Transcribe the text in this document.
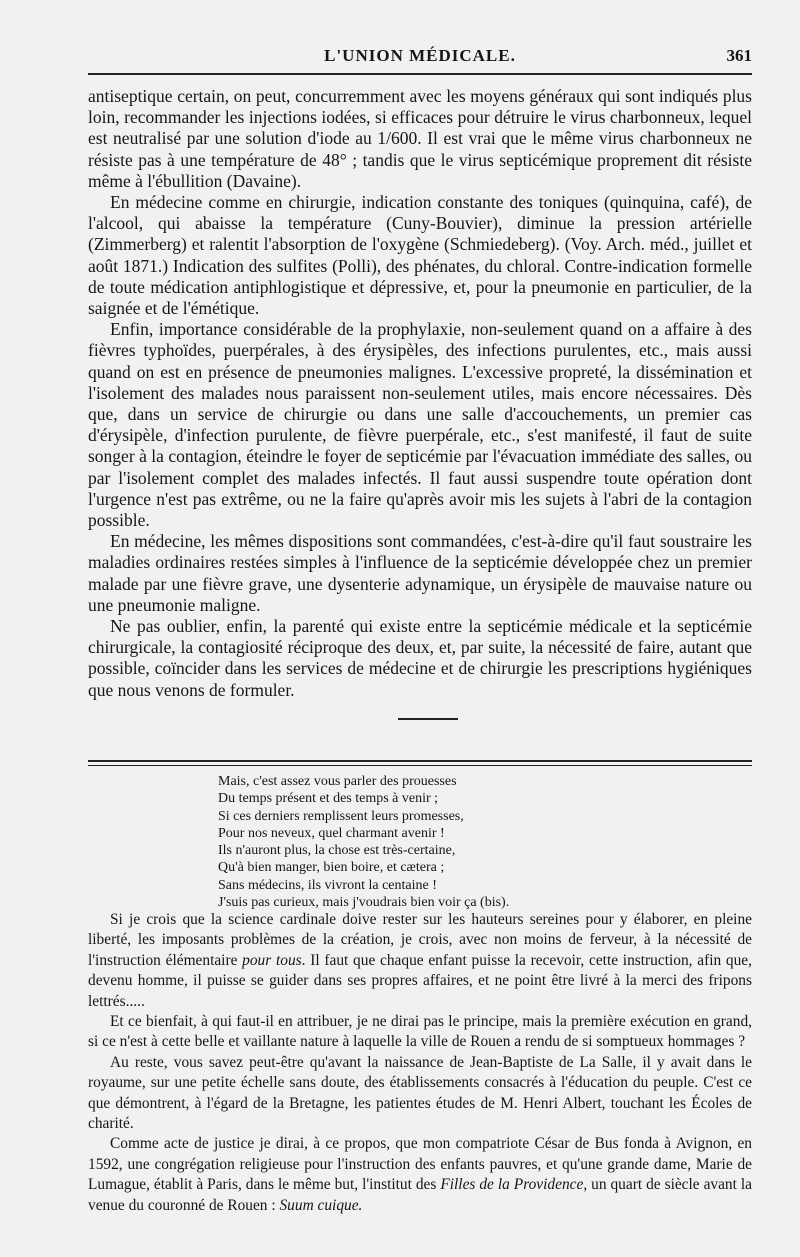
L'UNION MÉDICALE.	361

antiseptique certain, on peut, concurremment avec les moyens généraux qui sont indiqués plus loin, recommander les injections iodées, si efficaces pour détruire le virus charbonneux, lequel est neutralisé par une solution d'iode au 1/600. Il est vrai que le même virus charbonneux ne résiste pas à une température de 48° ; tandis que le virus septicémique proprement dit résiste même à l'ébullition (Davaine).

En médecine comme en chirurgie, indication constante des toniques (quinquina, café), de l'alcool, qui abaisse la température (Cuny-Bouvier), diminue la pression artérielle (Zimmerberg) et ralentit l'absorption de l'oxygène (Schmiedeberg). (Voy. Arch. méd., juillet et août 1871.) Indication des sulfites (Polli), des phénates, du chloral. Contre-indication formelle de toute médication antiphlogistique et dépressive, et, pour la pneumonie en particulier, de la saignée et de l'émétique.

Enfin, importance considérable de la prophylaxie, non-seulement quand on a affaire à des fièvres typhoïdes, puerpérales, à des érysipèles, des infections purulentes, etc., mais aussi quand on est en présence de pneumonies malignes. L'excessive propreté, la dissémination et l'isolement des malades nous paraissent non-seulement utiles, mais encore nécessaires. Dès que, dans un service de chirurgie ou dans une salle d'accouchements, un premier cas d'érysipèle, d'infection purulente, de fièvre puerpérale, etc., s'est manifesté, il faut de suite songer à la contagion, éteindre le foyer de septicémie par l'évacuation immédiate des salles, ou par l'isolement complet des malades infectés. Il faut aussi suspendre toute opération dont l'urgence n'est pas extrême, ou ne la faire qu'après avoir mis les sujets à l'abri de la contagion possible.

En médecine, les mêmes dispositions sont commandées, c'est-à-dire qu'il faut soustraire les maladies ordinaires restées simples à l'influence de la septicémie développée chez un premier malade par une fièvre grave, une dysenterie adynamique, un érysipèle de mauvaise nature ou une pneumonie maligne.

Ne pas oublier, enfin, la parenté qui existe entre la septicémie médicale et la septicémie chirurgicale, la contagiosité réciproque des deux, et, par suite, la nécessité de faire, autant que possible, coïncider dans les services de médecine et de chirurgie les prescriptions hygiéniques que nous venons de formuler.

Mais, c'est assez vous parler des prouesses
Du temps présent et des temps à venir ;
Si ces derniers remplissent leurs promesses,
Pour nos neveux, quel charmant avenir !
Ils n'auront plus, la chose est très-certaine,
Qu'à bien manger, bien boire, et cætera ;
Sans médecins, ils vivront la centaine !
J'suis pas curieux, mais j'voudrais bien voir ça (bis).

Si je crois que la science cardinale doive rester sur les hauteurs sereines pour y élaborer, en pleine liberté, les imposants problèmes de la création, je crois, avec non moins de ferveur, à la nécessité de l'instruction élémentaire pour tous. Il faut que chaque enfant puisse la recevoir, cette instruction, afin que, devenu homme, il puisse se guider dans ses propres affaires, et ne point être livré à la merci des fripons lettrés.....

Et ce bienfait, à qui faut-il en attribuer, je ne dirai pas le principe, mais la première exécution en grand, si ce n'est à cette belle et vaillante nature à laquelle la ville de Rouen a rendu de si somptueux hommages ?

Au reste, vous savez peut-être qu'avant la naissance de Jean-Baptiste de La Salle, il y avait dans le royaume, sur une petite échelle sans doute, des établissements consacrés à l'éducation du peuple. C'est ce que démontrent, à l'égard de la Bretagne, les patientes études de M. Henri Albert, touchant les Écoles de charité.

Comme acte de justice je dirai, à ce propos, que mon compatriote César de Bus fonda à Avignon, en 1592, une congrégation religieuse pour l'instruction des enfants pauvres, et qu'une grande dame, Marie de Lumague, établit à Paris, dans le même but, l'institut des Filles de la Providence, un quart de siècle avant la venue du couronné de Rouen : Suum cuique.
